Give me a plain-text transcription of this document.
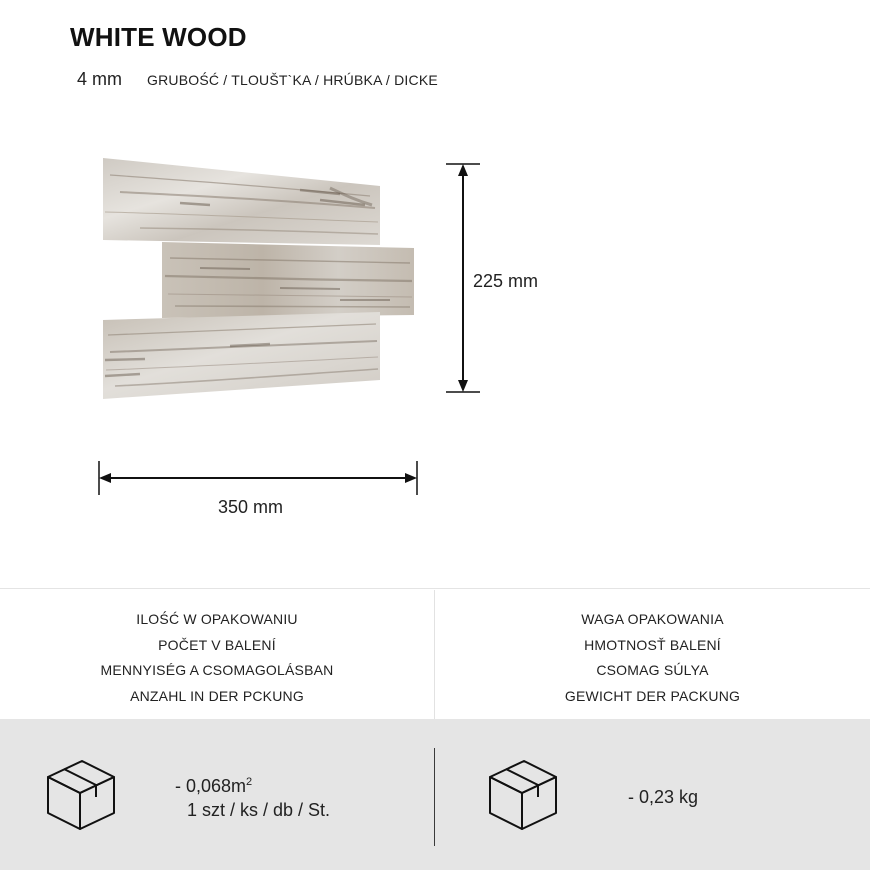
WHITE WOOD
4 mm GRUBOŚĆ / TLOUŠT`KA / HRÚBKA / DICKE
225 mm
350 mm
ILOŚĆ W OPAKOWANIU
POČET V BALENÍ
MENNYISÉG A CSOMAGOLÁSBAN
ANZAHL IN DER PCKUNG
WAGA OPAKOWANIA
HMOTNOSŤ BALENÍ
CSOMAG SÚLYA
GEWICHT DER PACKUNG
- $0,068m^2$
1 szt / ks / db / St.
- 0,23 kg
